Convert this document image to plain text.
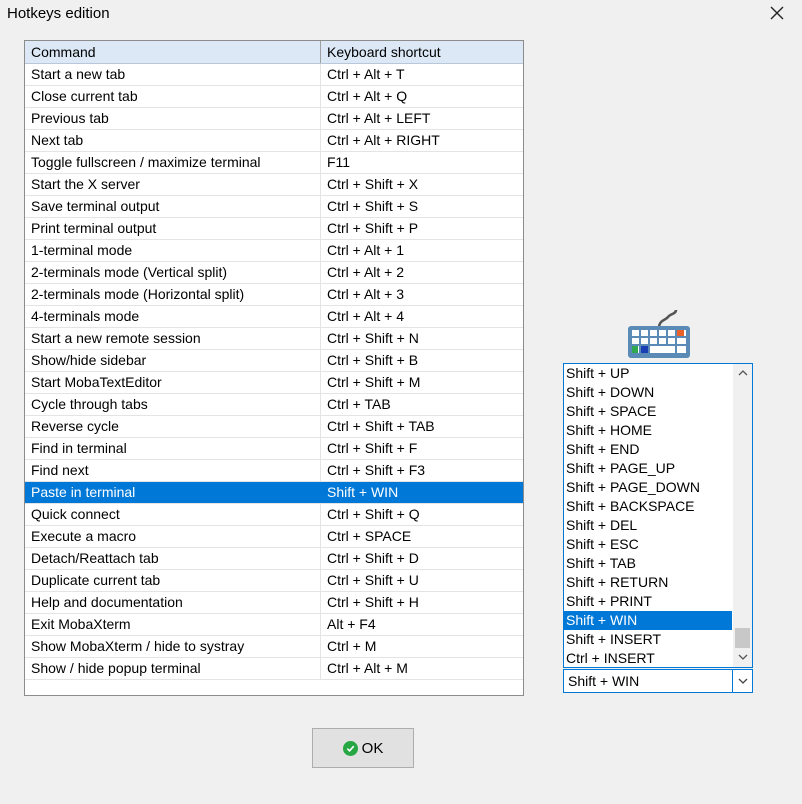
Hotkeys edition
Command	Keyboard shortcut
Start a new tab	Ctrl + Alt + T
Close current tab	Ctrl + Alt + Q
Previous tab	Ctrl + Alt + LEFT
Next tab	Ctrl + Alt + RIGHT
Toggle fullscreen / maximize terminal	F11
Start the X server	Ctrl + Shift + X
Save terminal output	Ctrl + Shift + S
Print terminal output	Ctrl + Shift + P
1-terminal mode	Ctrl + Alt + 1
2-terminals mode (Vertical split)	Ctrl + Alt + 2
2-terminals mode (Horizontal split)	Ctrl + Alt + 3
4-terminals mode	Ctrl + Alt + 4
Start a new remote session	Ctrl + Shift + N
Show/hide sidebar	Ctrl + Shift + B
Start MobaTextEditor	Ctrl + Shift + M
Cycle through tabs	Ctrl + TAB
Reverse cycle	Ctrl + Shift + TAB
Find in terminal	Ctrl + Shift + F
Find next	Ctrl + Shift + F3
Paste in terminal	Shift + WIN
Quick connect	Ctrl + Shift + Q
Execute a macro	Ctrl + SPACE
Detach/Reattach tab	Ctrl + Shift + D
Duplicate current tab	Ctrl + Shift + U
Help and documentation	Ctrl + Shift + H
Exit MobaXterm	Alt + F4
Show MobaXterm / hide to systray	Ctrl + M
Show / hide popup terminal	Ctrl + Alt + M
Shift + UP
Shift + DOWN
Shift + SPACE
Shift + HOME
Shift + END
Shift + PAGE_UP
Shift + PAGE_DOWN
Shift + BACKSPACE
Shift + DEL
Shift + ESC
Shift + TAB
Shift + RETURN
Shift + PRINT
Shift + WIN
Shift + INSERT
Ctrl + INSERT
Shift + WIN
OK
